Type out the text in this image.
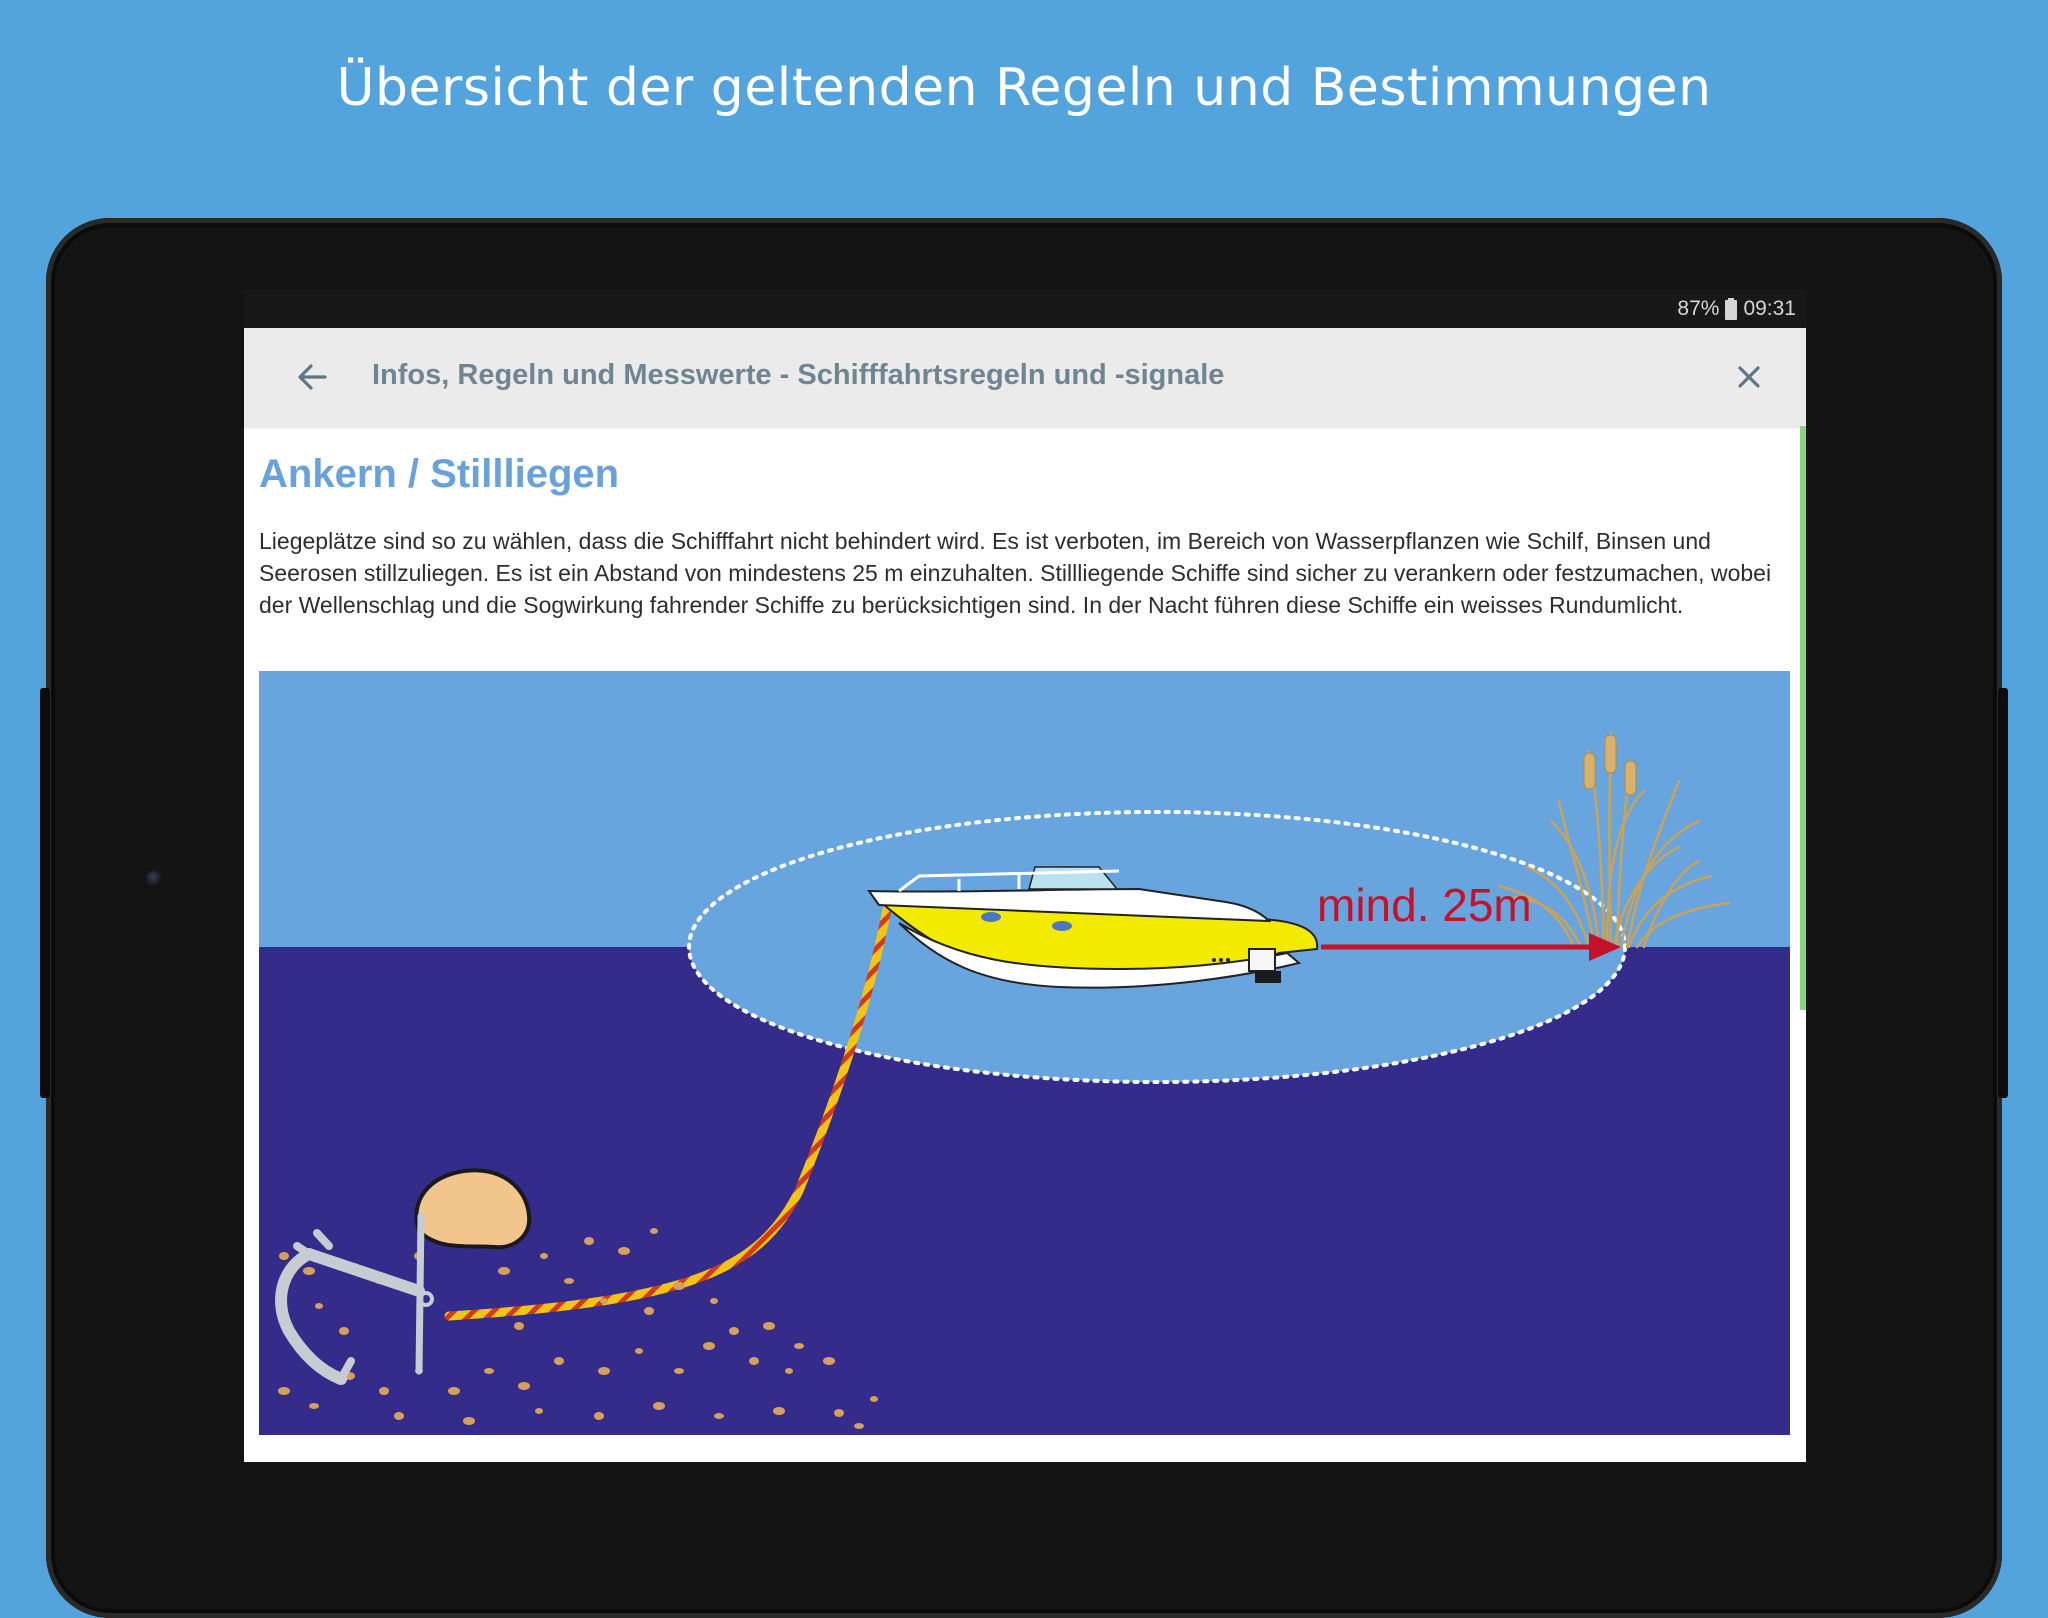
Übersicht der geltenden Regeln und Bestimmungen
87% 09:31
Infos, Regeln und Messwerte - Schifffahrtsregeln und -signale
Ankern / Stillliegen

Liegeplätze sind so zu wählen, dass die Schifffahrt nicht behindert wird. Es ist verboten, im Bereich von Wasserpflanzen wie Schilf, Binsen und Seerosen stillzuliegen. Es ist ein Abstand von mindestens 25 m einzuhalten. Stillliegende Schiffe sind sicher zu verankern oder festzumachen, wobei der Wellenschlag und die Sogwirkung fahrender Schiffe zu berücksichtigen sind. In der Nacht führen diese Schiffe ein weisses Rundumlicht.

mind. 25m
